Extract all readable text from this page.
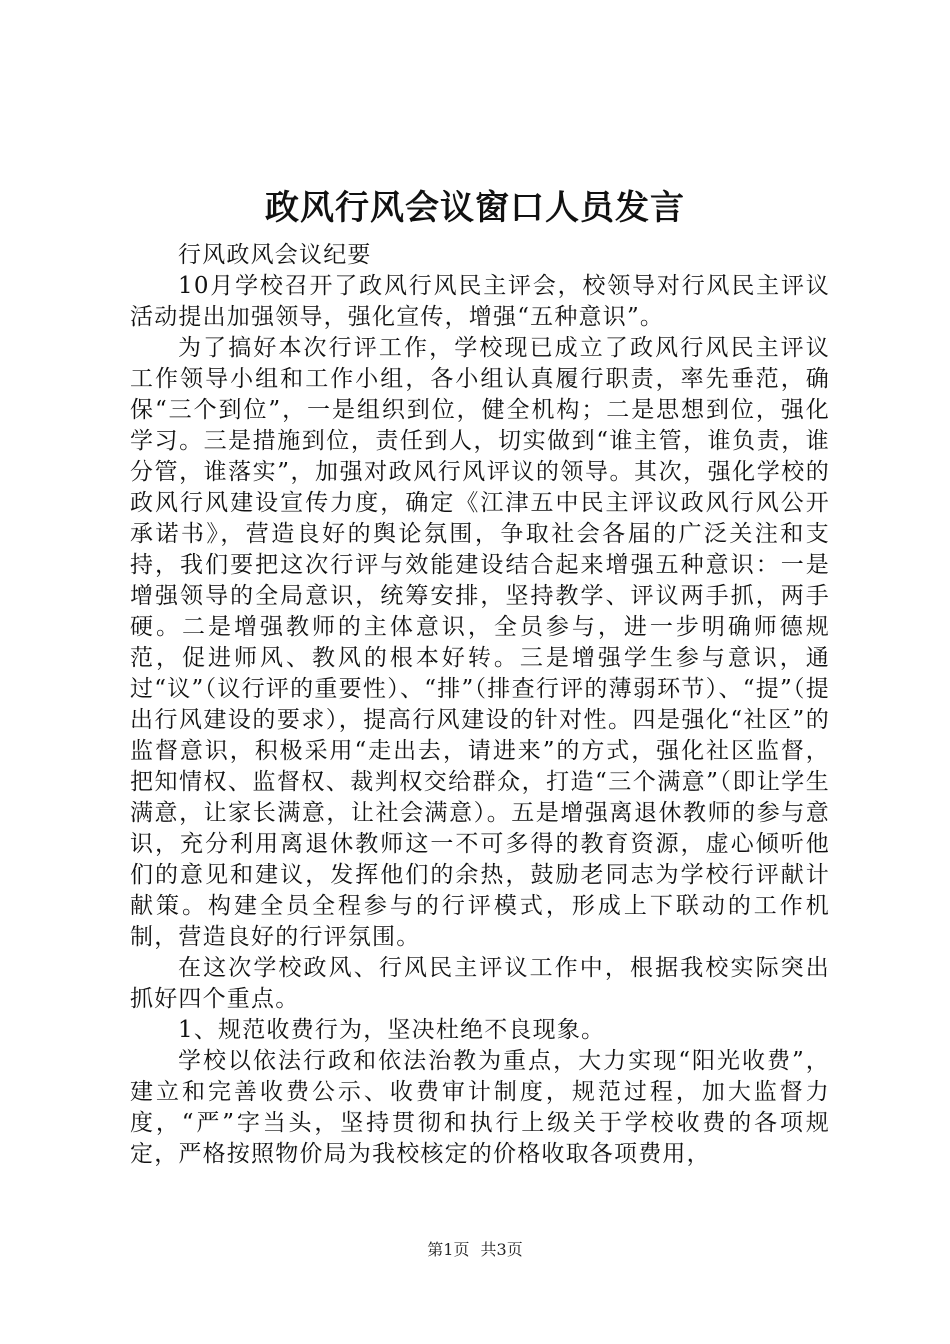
政风行风会议窗口人员发言

行风政风会议纪要

10月学校召开了政风行风民主评会，校领导对行风民主评议活动提出加强领导，强化宣传，增强“五种意识”。

为了搞好本次行评工作，学校现已成立了政风行风民主评议工作领导小组和工作小组，各小组认真履行职责，率先垂范，确保“三个到位”，一是组织到位，健全机构；二是思想到位，强化学习。三是措施到位，责任到人，切实做到“谁主管，谁负责，谁分管，谁落实”，加强对政风行风评议的领导。其次，强化学校的政风行风建设宣传力度，确定《江津五中民主评议政风行风公开承诺书》，营造良好的舆论氛围，争取社会各届的广泛关注和支持，我们要把这次行评与效能建设结合起来增强五种意识：一是增强领导的全局意识，统筹安排，坚持教学、评议两手抓，两手硬。二是增强教师的主体意识，全员参与，进一步明确师德规范，促进师风、教风的根本好转。三是增强学生参与意识，通过“议”（议行评的重要性）、“排”（排查行评的薄弱环节）、“提”（提出行风建设的要求），提高行风建设的针对性。四是强化“社区”的监督意识，积极采用“走出去，请进来”的方式，强化社区监督，把知情权、监督权、裁判权交给群众，打造“三个满意”（即让学生满意，让家长满意，让社会满意）。五是增强离退休教师的参与意识，充分利用离退休教师这一不可多得的教育资源，虚心倾听他们的意见和建议，发挥他们的余热，鼓励老同志为学校行评献计献策。构建全员全程参与的行评模式，形成上下联动的工作机制，营造良好的行评氛围。

在这次学校政风、行风民主评议工作中，根据我校实际突出抓好四个重点。

1、规范收费行为，坚决杜绝不良现象。

学校以依法行政和依法治教为重点，大力实现“阳光收费”，建立和完善收费公示、收费审计制度，规范过程，加大监督力度，“严”字当头，坚持贯彻和执行上级关于学校收费的各项规定，严格按照物价局为我校核定的价格收取各项费用，

第1页 共3页
